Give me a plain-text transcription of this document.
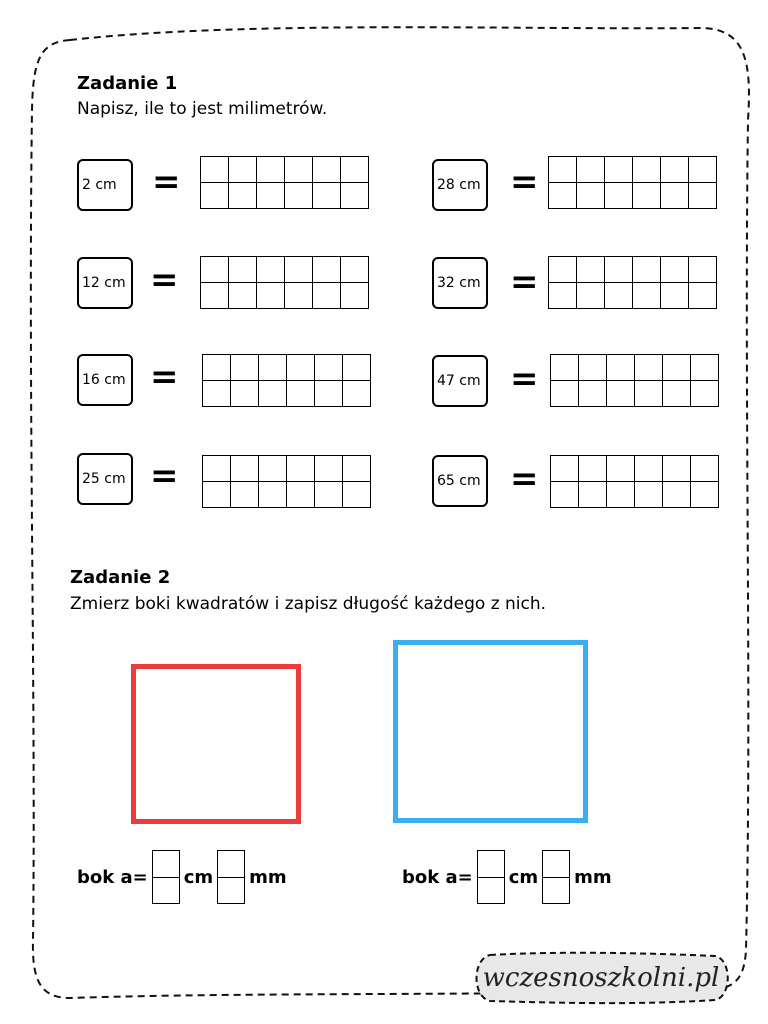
Zadanie 1
Napisz, ile to jest milimetrów.
2 cm	=	28 cm =
12 cm =	32 cm =
16 cm =	47 cm =
25 cm =	65 cm =
Zadanie 2
Zmierz boki kwadratów i zapisz długość każdego z nich.
bok a= cm mm	bok a= cm mm
wczesnoszkolni.pl
